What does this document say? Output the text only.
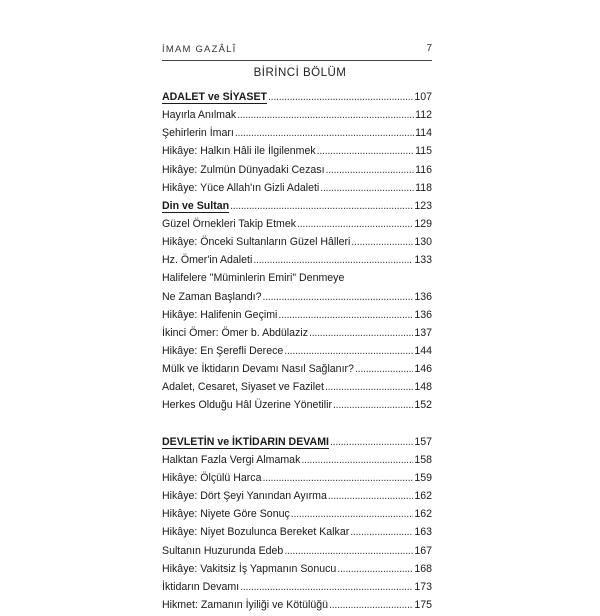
İMAM GAZÂLÎ	7
BİRİNCİ BÖLÜM
ADALET ve SİYASET . . .	107
Hayırla Anılmak . . .	112
Şehirlerin İmarı . . .	114
Hikâye: Halkın Hâli ile İlgilenmek . . .	115
Hikâye: Zulmün Dünyadaki Cezası . . .	116
Hikâye: Yüce Allah'ın Gizli Adaleti . . .	118
Din ve Sultan . . .	123
Güzel Örnekleri Takip Etmek . . .	129
Hikâye: Önceki Sultanların Güzel Hâlleri . . .	130
Hz. Ömer'in Adaleti . . .	133
Halifelere "Müminlerin Emiri" Denmeye
Ne Zaman Başlandı? . . .	136
Hikâye: Halifenin Geçimi . . .	136
İkinci Ömer: Ömer b. Abdülaziz . . .	137
Hikâye: En Şerefli Derece . . .	144
Mülk ve İktidarın Devamı Nasıl Sağlanır? . . .	146
Adalet, Cesaret, Siyaset ve Fazilet . . .	148
Herkes Olduğu Hâl Üzerine Yönetilir . . .	152
DEVLETİN ve İKTİDARIN DEVAMI . . .	157
Halktan Fazla Vergi Almamak . . .	158
Hikâye: Ölçülü Harca . . .	159
Hikâye: Dört Şeyi Yanından Ayırma . . .	162
Hikâye: Niyete Göre Sonuç . . .	162
Hikâye: Niyet Bozulunca Bereket Kalkar . . .	163
Sultanın Huzurunda Edeb . . .	167
Hikâye: Vakitsiz İş Yapmanın Sonucu . . .	168
İktidarın Devamı . . .	173
Hikmet: Zamanın İyiliği ve Kötülüğü . . .	175
